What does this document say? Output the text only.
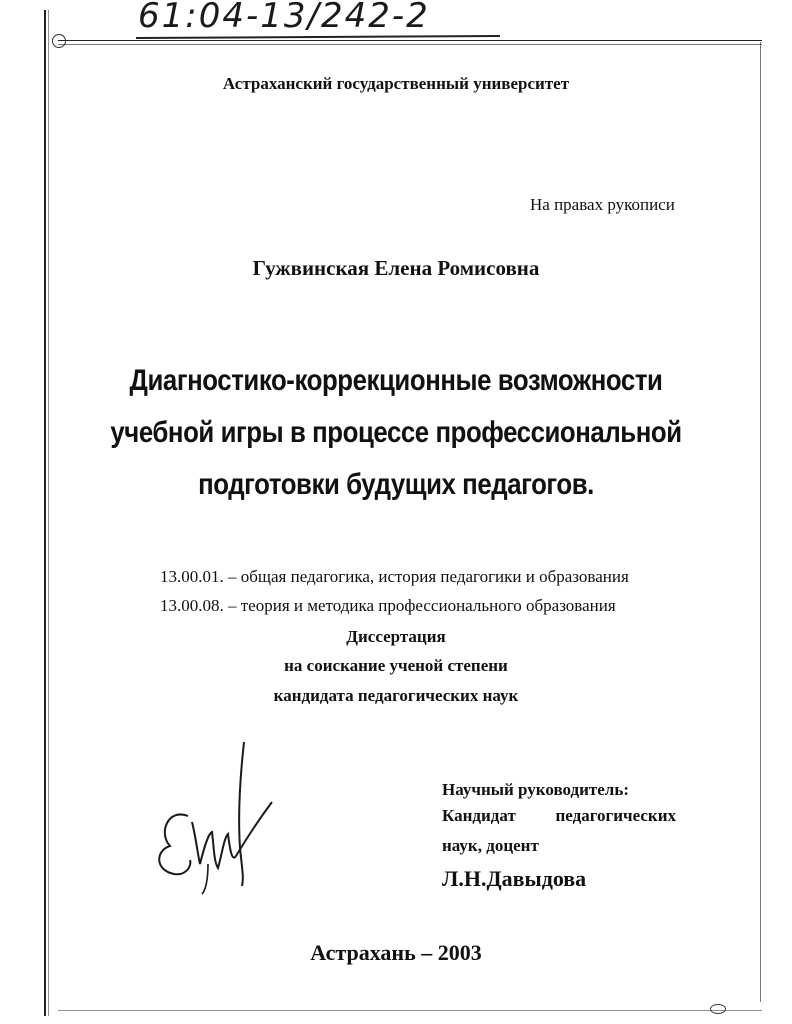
61:04-13/242-2
Астраханский государственный университет
На правах рукописи
Гужвинская Елена Ромисовна
Диагностико-коррекционные возможности
учебной игры в процессе профессиональной
подготовки будущих педагогов.
13.00.01. – общая педагогика, история педагогики и образования
13.00.08. – теория и методика профессионального образования
Диссертация
на соискание ученой степени
кандидата педагогических наук
Научный руководитель:
Кандидат	педагогических
наук, доцент
Л.Н.Давыдова
Астрахань – 2003
